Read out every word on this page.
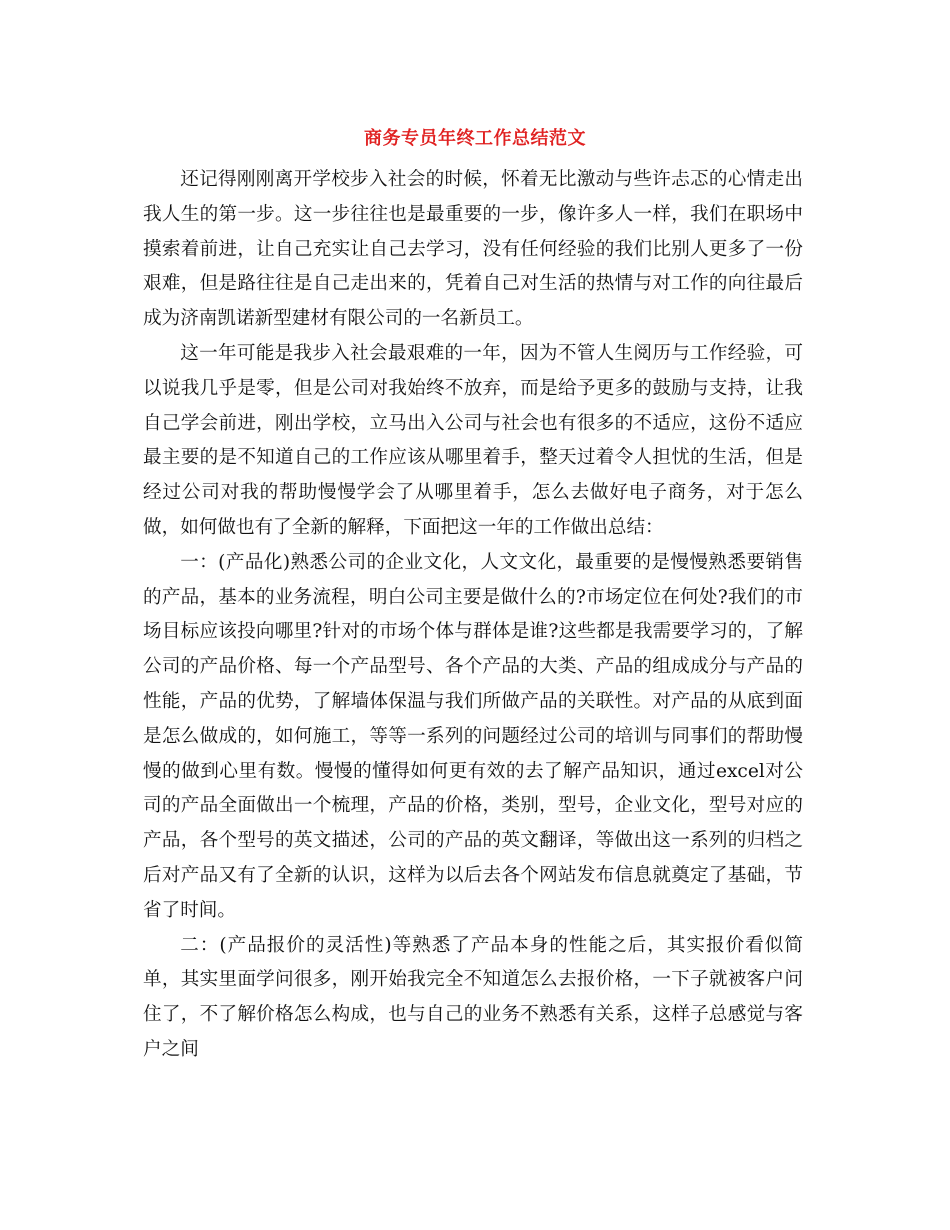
商务专员年终工作总结范文

还记得刚刚离开学校步入社会的时候，怀着无比激动与些许忐忑的心情走出我人生的第一步。这一步往往也是最重要的一步，像许多人一样，我们在职场中摸索着前进，让自己充实让自己去学习，没有任何经验的我们比别人更多了一份艰难，但是路往往是自己走出来的，凭着自己对生活的热情与对工作的向往最后成为济南凯诺新型建材有限公司的一名新员工。

这一年可能是我步入社会最艰难的一年，因为不管人生阅历与工作经验，可以说我几乎是零，但是公司对我始终不放弃，而是给予更多的鼓励与支持，让我自己学会前进，刚出学校，立马出入公司与社会也有很多的不适应，这份不适应最主要的是不知道自己的工作应该从哪里着手，整天过着令人担忧的生活，但是经过公司对我的帮助慢慢学会了从哪里着手，怎么去做好电子商务，对于怎么做，如何做也有了全新的解释，下面把这一年的工作做出总结：

一：(产品化)熟悉公司的企业文化，人文文化，最重要的是慢慢熟悉要销售的产品，基本的业务流程，明白公司主要是做什么的?市场定位在何处?我们的市场目标应该投向哪里?针对的市场个体与群体是谁?这些都是我需要学习的，了解公司的产品价格、每一个产品型号、各个产品的大类、产品的组成成分与产品的性能，产品的优势，了解墙体保温与我们所做产品的关联性。对产品的从底到面是怎么做成的，如何施工，等等一系列的问题经过公司的培训与同事们的帮助慢慢的做到心里有数。慢慢的懂得如何更有效的去了解产品知识，通过excel对公司的产品全面做出一个梳理，产品的价格，类别，型号，企业文化，型号对应的产品，各个型号的英文描述，公司的产品的英文翻译，等做出这一系列的归档之后对产品又有了全新的认识，这样为以后去各个网站发布信息就奠定了基础，节省了时间。

二：(产品报价的灵活性)等熟悉了产品本身的性能之后，其实报价看似简单，其实里面学问很多，刚开始我完全不知道怎么去报价格，一下子就被客户问住了，不了解价格怎么构成，也与自己的业务不熟悉有关系，这样子总感觉与客户之间
